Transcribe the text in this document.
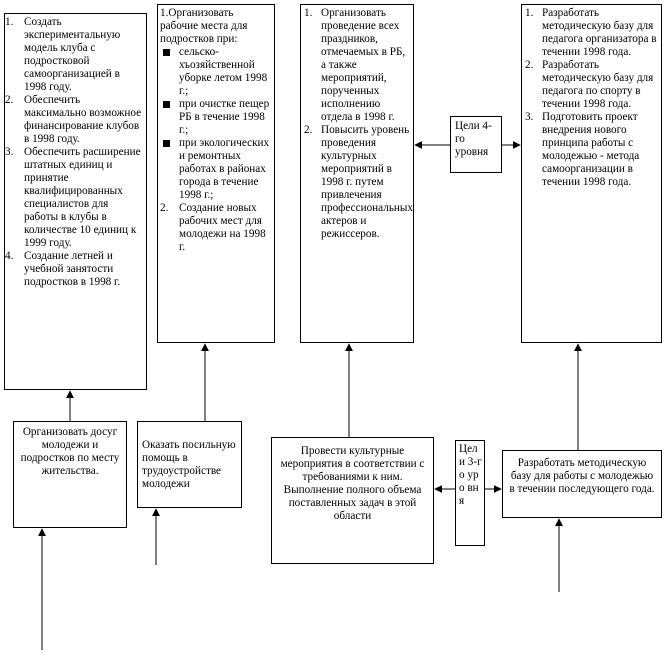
1. Создать экспериментальную модель клуба с подростковой самоорганизацией в 1998 году.
2. Обеспечить максимально возможное финансирование клубов в 1998 году.
3. Обеспечить расширение штатных единиц и принятие квалифицированных специалистов для работы в клубы в количестве 10 единиц к 1999 году.
4. Создание летней и учебной занятости подростков в 1998 г.
1.Организовать рабочие места для подростков при:
сельско-хъозяйственной уборке летом 1998 г.;
при очистке пещер РБ в течение 1998 г.;
при экологических и ремонтных работах в районах города в течение 1998 г.;
2. Создание новых рабочих мест для молодежи на 1998 г.
1. Организовать проведение всех праздников, отмечаемых в РБ, а также мероприятий, порученных исполнению отдела в 1998 г.
2. Повысить уровень проведения культурных мероприятий в 1998 г. путем привлечения профессиональных актеров и режиссеров.
1. Разработать методическую базу для педагога организатора в течении 1998 года.
2. Разработать методическую базу для педагога по спорту в течении 1998 года.
3. Подготовить проект внедрения нового принципа работы с молодежью - метода самоорганизации в течении 1998 года.
Цели 4-го уровня
Организовать досуг молодежи и подростков по месту жительства.
Оказать посильную помощь в трудоустройстве молодежи
Провести культурные мероприятия в соответствии с требованиями к ним. Выполнение полного объема поставленных задач в этой области
Цел и 3-го уро вня
Разработать методическую базу для работы с молодежью в течении последующего года.
